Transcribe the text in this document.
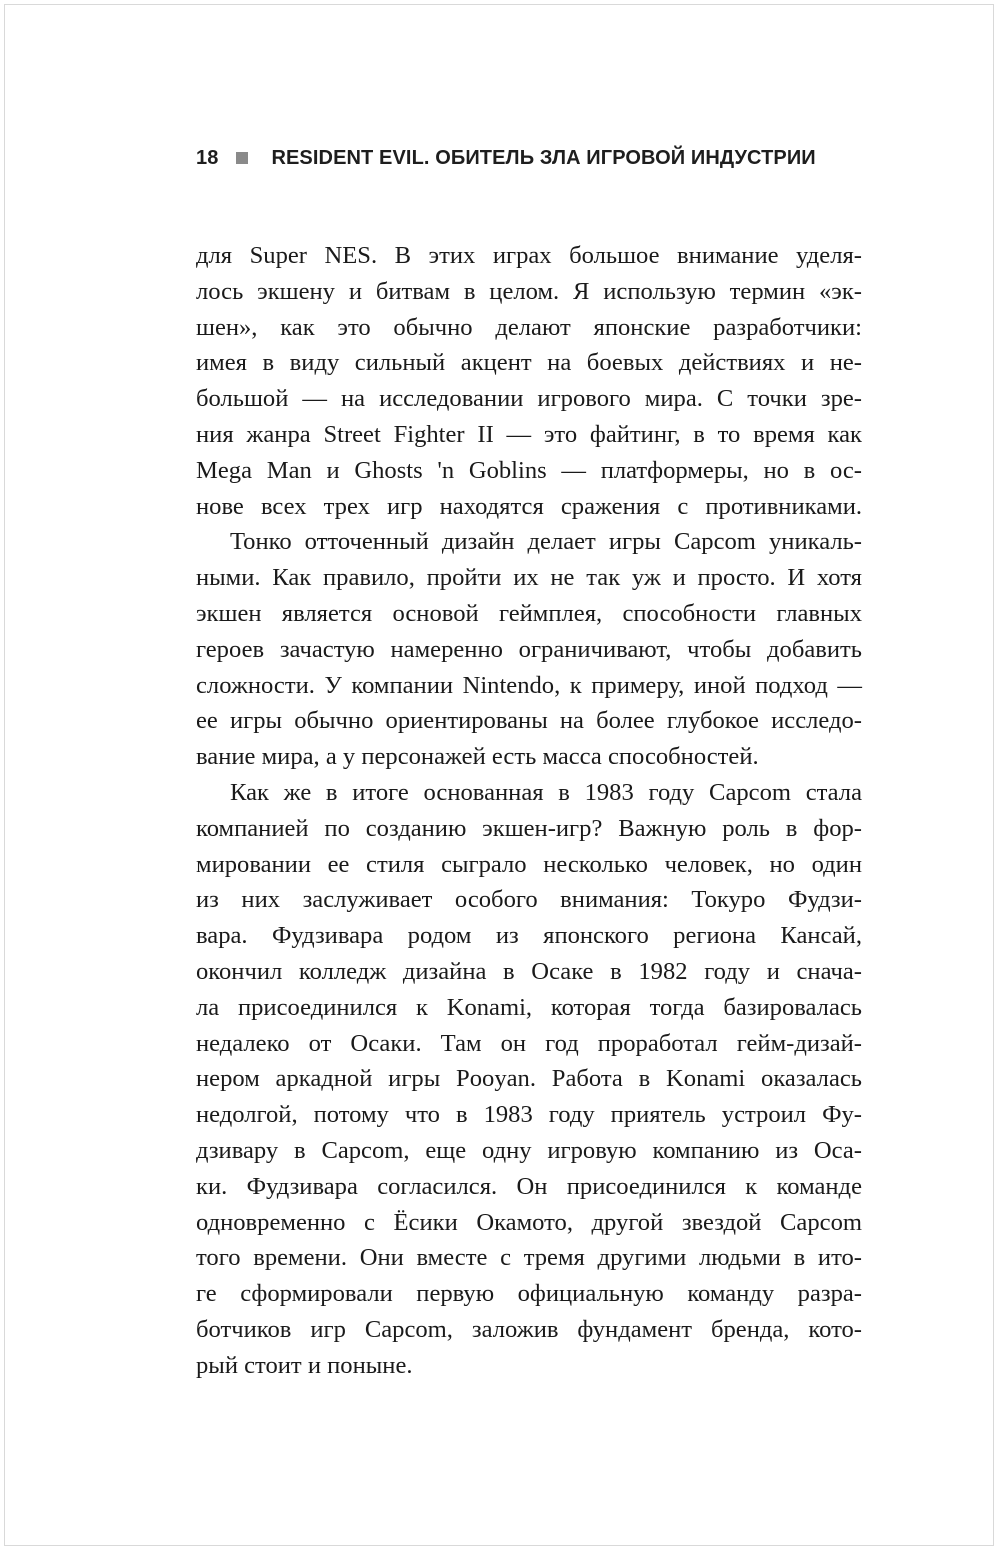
18	RESIDENT EVIL. ОБИТЕЛЬ ЗЛА ИГРОВОЙ ИНДУСТРИИ
для Super NES. В этих играх большое внимание уделя-
лось экшену и битвам в целом. Я использую термин «эк-
шен», как это обычно делают японские разработчики:
имея в виду сильный акцент на боевых действиях и не-
большой — на исследовании игрового мира. С точки зре-
ния жанра Street Fighter II — это файтинг, в то время как
Mega Man и Ghosts 'n Goblins — платформеры, но в ос-
нове всех трех игр находятся сражения с противниками.
Тонко отточенный дизайн делает игры Capcom уникаль-
ными. Как правило, пройти их не так уж и просто. И хотя
экшен является основой геймплея, способности главных
героев зачастую намеренно ограничивают, чтобы добавить
сложности. У компании Nintendo, к примеру, иной подход —
ее игры обычно ориентированы на более глубокое исследо-
вание мира, а у персонажей есть масса способностей.
Как же в итоге основанная в 1983 году Capcom стала
компанией по созданию экшен-игр? Важную роль в фор-
мировании ее стиля сыграло несколько человек, но один
из них заслуживает особого внимания: Токуро Фудзи-
вара. Фудзивара родом из японского региона Кансай,
окончил колледж дизайна в Осаке в 1982 году и снача-
ла присоединился к Konami, которая тогда базировалась
недалеко от Осаки. Там он год проработал гейм-дизай-
нером аркадной игры Pooyan. Работа в Konami оказалась
недолгой, потому что в 1983 году приятель устроил Фу-
дзивару в Capcom, еще одну игровую компанию из Оса-
ки. Фудзивара согласился. Он присоединился к команде
одновременно с Ёсики Окамото, другой звездой Capcom
того времени. Они вместе с тремя другими людьми в ито-
ге сформировали первую официальную команду разра-
ботчиков игр Capcom, заложив фундамент бренда, кото-
рый стоит и поныне.
